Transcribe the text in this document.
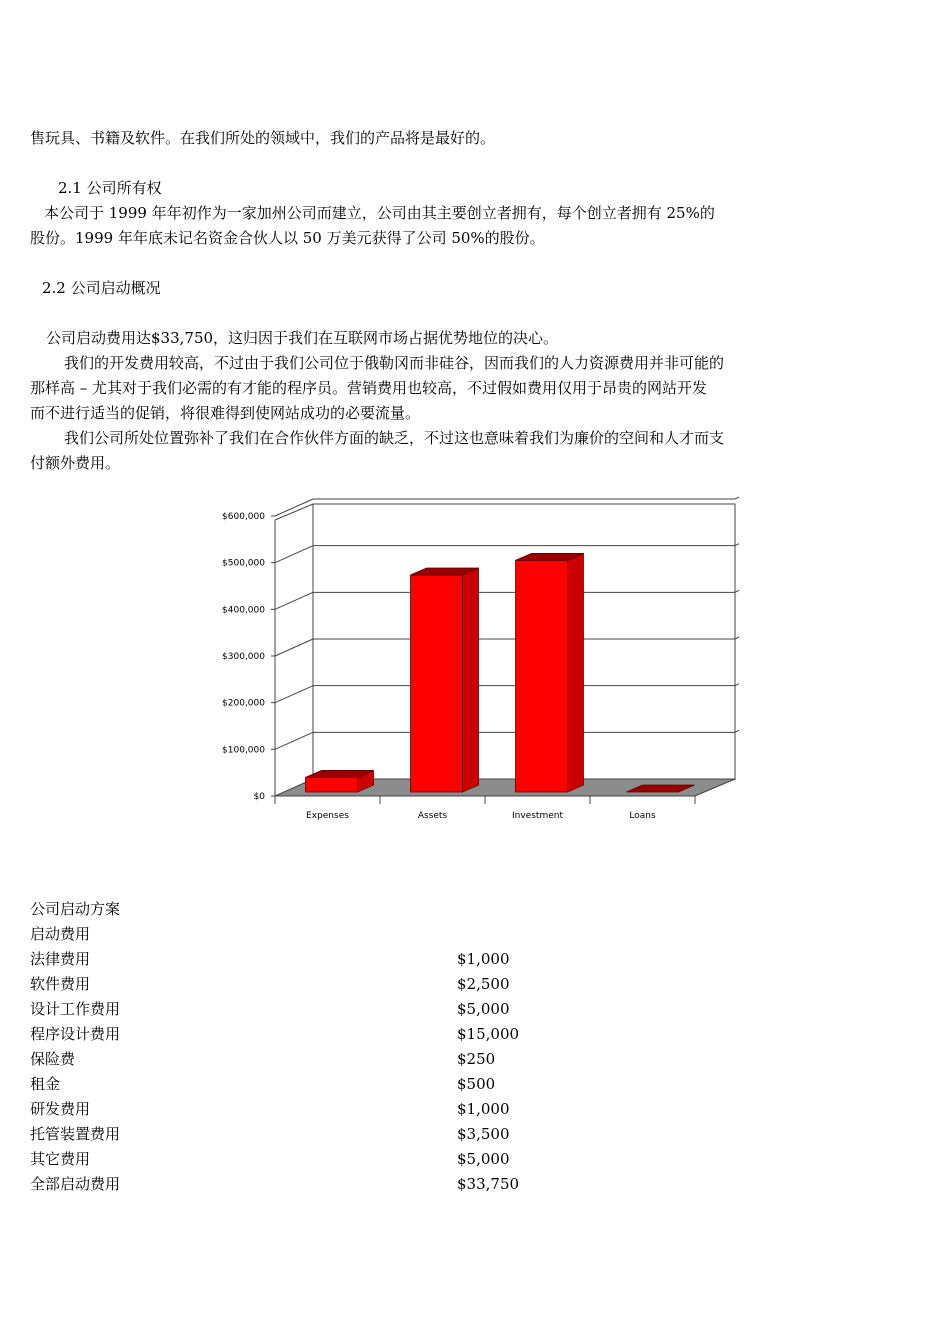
售玩具、书籍及软件。在我们所处的领域中，我们的产品将是最好的。
2.1 公司所有权
本公司于 1999 年年初作为一家加州公司而建立，公司由其主要创立者拥有，每个创立者拥有 25%的
股份。1999 年年底未记名资金合伙人以 50 万美元获得了公司 50%的股份。
2.2 公司启动概况
公司启动费用达$33,750，这归因于我们在互联网市场占据优势地位的决心。
我们的开发费用较高，不过由于我们公司位于俄勒冈而非硅谷，因而我们的人力资源费用并非可能的
那样高 – 尤其对于我们必需的有才能的程序员。营销费用也较高，不过假如费用仅用于昂贵的网站开发
而不进行适当的促销，将很难得到使网站成功的必要流量。
我们公司所处位置弥补了我们在合作伙伴方面的缺乏，不过这也意味着我们为廉价的空间和人才而支
付额外费用。
$0
$100,000
$200,000
$300,000
$400,000
$500,000
$600,000
Expenses	Assets	Investment	Loans
公司启动方案
启动费用
法律费用	$1,000
软件费用	$2,500
设计工作费用	$5,000
程序设计费用	$15,000
保险费	$250
租金	$500
研发费用	$1,000
托管装置费用	$3,500
其它费用	$5,000
全部启动费用	$33,750
